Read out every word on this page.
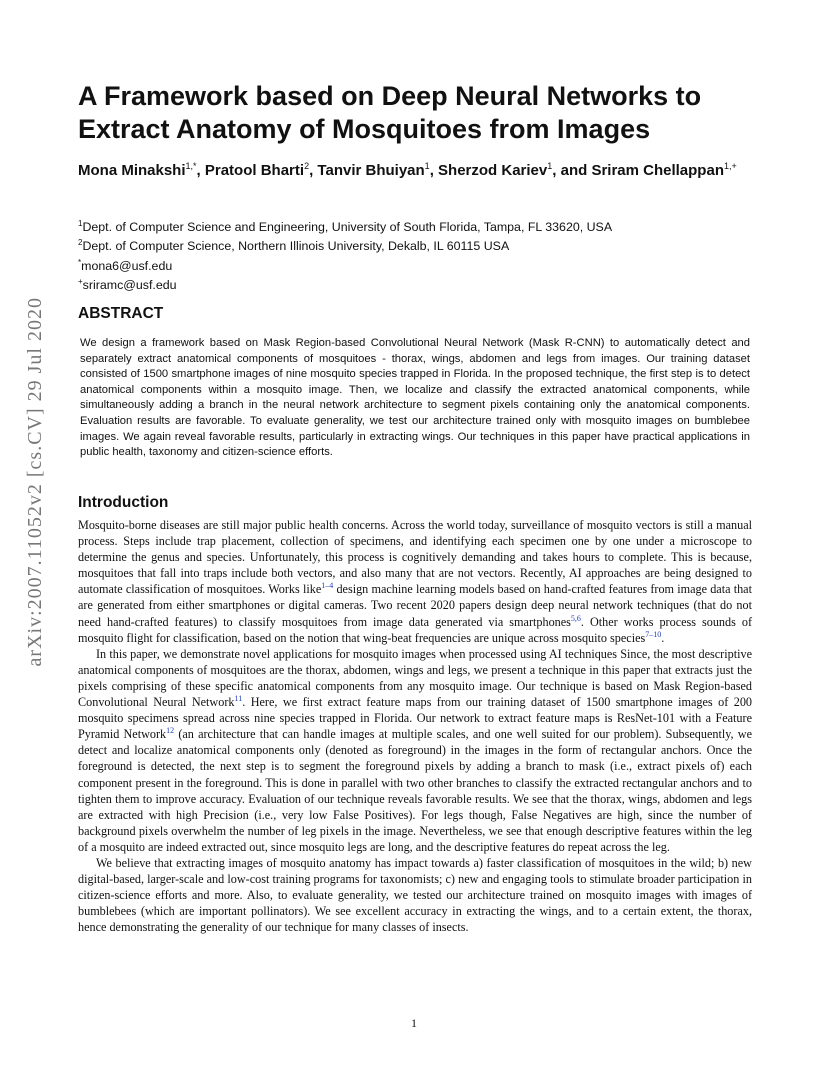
arXiv:2007.11052v2 [cs.CV] 29 Jul 2020
A Framework based on Deep Neural Networks to Extract Anatomy of Mosquitoes from Images
Mona Minakshi$^{1,*}$, Pratool Bharti$^2$, Tanvir Bhuiyan$^1$, Sherzod Kariev$^1$, and Sriram Chellappan$^{1,+}$
$^1$Dept. of Computer Science and Engineering, University of South Florida, Tampa, FL 33620, USA
$^2$Dept. of Computer Science, Northern Illinois University, Dekalb, IL 60115 USA
*mona6@usf.edu
+sriramc@usf.edu
ABSTRACT

We design a framework based on Mask Region-based Convolutional Neural Network (Mask R-CNN) to automatically detect and separately extract anatomical components of mosquitoes - thorax, wings, abdomen and legs from images. Our training dataset consisted of 1500 smartphone images of nine mosquito species trapped in Florida. In the proposed technique, the first step is to detect anatomical components within a mosquito image. Then, we localize and classify the extracted anatomical components, while simultaneously adding a branch in the neural network architecture to segment pixels containing only the anatomical components. Evaluation results are favorable. To evaluate generality, we test our architecture trained only with mosquito images on bumblebee images. We again reveal favorable results, particularly in extracting wings. Our techniques in this paper have practical applications in public health, taxonomy and citizen-science efforts.

Introduction

Mosquito-borne diseases are still major public health concerns. Across the world today, surveillance of mosquito vectors is still a manual process. Steps include trap placement, collection of specimens, and identifying each specimen one by one under a microscope to determine the genus and species. Unfortunately, this process is cognitively demanding and takes hours to complete. This is because, mosquitoes that fall into traps include both vectors, and also many that are not vectors. Recently, AI approaches are being designed to automate classification of mosquitoes. Works like$^{1-4}$ design machine learning models based on hand-crafted features from image data that are generated from either smartphones or digital cameras. Two recent 2020 papers design deep neural network techniques (that do not need hand-crafted features) to classify mosquitoes from image data generated via smartphones$^{5,6}$. Other works process sounds of mosquito flight for classification, based on the notion that wing-beat frequencies are unique across mosquito species$^{7-10}$.

In this paper, we demonstrate novel applications for mosquito images when processed using AI techniques Since, the most descriptive anatomical components of mosquitoes are the thorax, abdomen, wings and legs, we present a technique in this paper that extracts just the pixels comprising of these specific anatomical components from any mosquito image. Our technique is based on Mask Region-based Convolutional Neural Network$^{11}$. Here, we first extract feature maps from our training dataset of 1500 smartphone images of 200 mosquito specimens spread across nine species trapped in Florida. Our network to extract feature maps is ResNet-101 with a Feature Pyramid Network$^{12}$ (an architecture that can handle images at multiple scales, and one well suited for our problem). Subsequently, we detect and localize anatomical components only (denoted as foreground) in the images in the form of rectangular anchors. Once the foreground is detected, the next step is to segment the foreground pixels by adding a branch to mask (i.e., extract pixels of) each component present in the foreground. This is done in parallel with two other branches to classify the extracted rectangular anchors and to tighten them to improve accuracy. Evaluation of our technique reveals favorable results. We see that the thorax, wings, abdomen and legs are extracted with high Precision (i.e., very low False Positives). For legs though, False Negatives are high, since the number of background pixels overwhelm the number of leg pixels in the image. Nevertheless, we see that enough descriptive features within the leg of a mosquito are indeed extracted out, since mosquito legs are long, and the descriptive features do repeat across the leg.

We believe that extracting images of mosquito anatomy has impact towards a) faster classification of mosquitoes in the wild; b) new digital-based, larger-scale and low-cost training programs for taxonomists; c) new and engaging tools to stimulate broader participation in citizen-science efforts and more. Also, to evaluate generality, we tested our architecture trained on mosquito images with images of bumblebees (which are important pollinators). We see excellent accuracy in extracting the wings, and to a certain extent, the thorax, hence demonstrating the generality of our technique for many classes of insects.

1
